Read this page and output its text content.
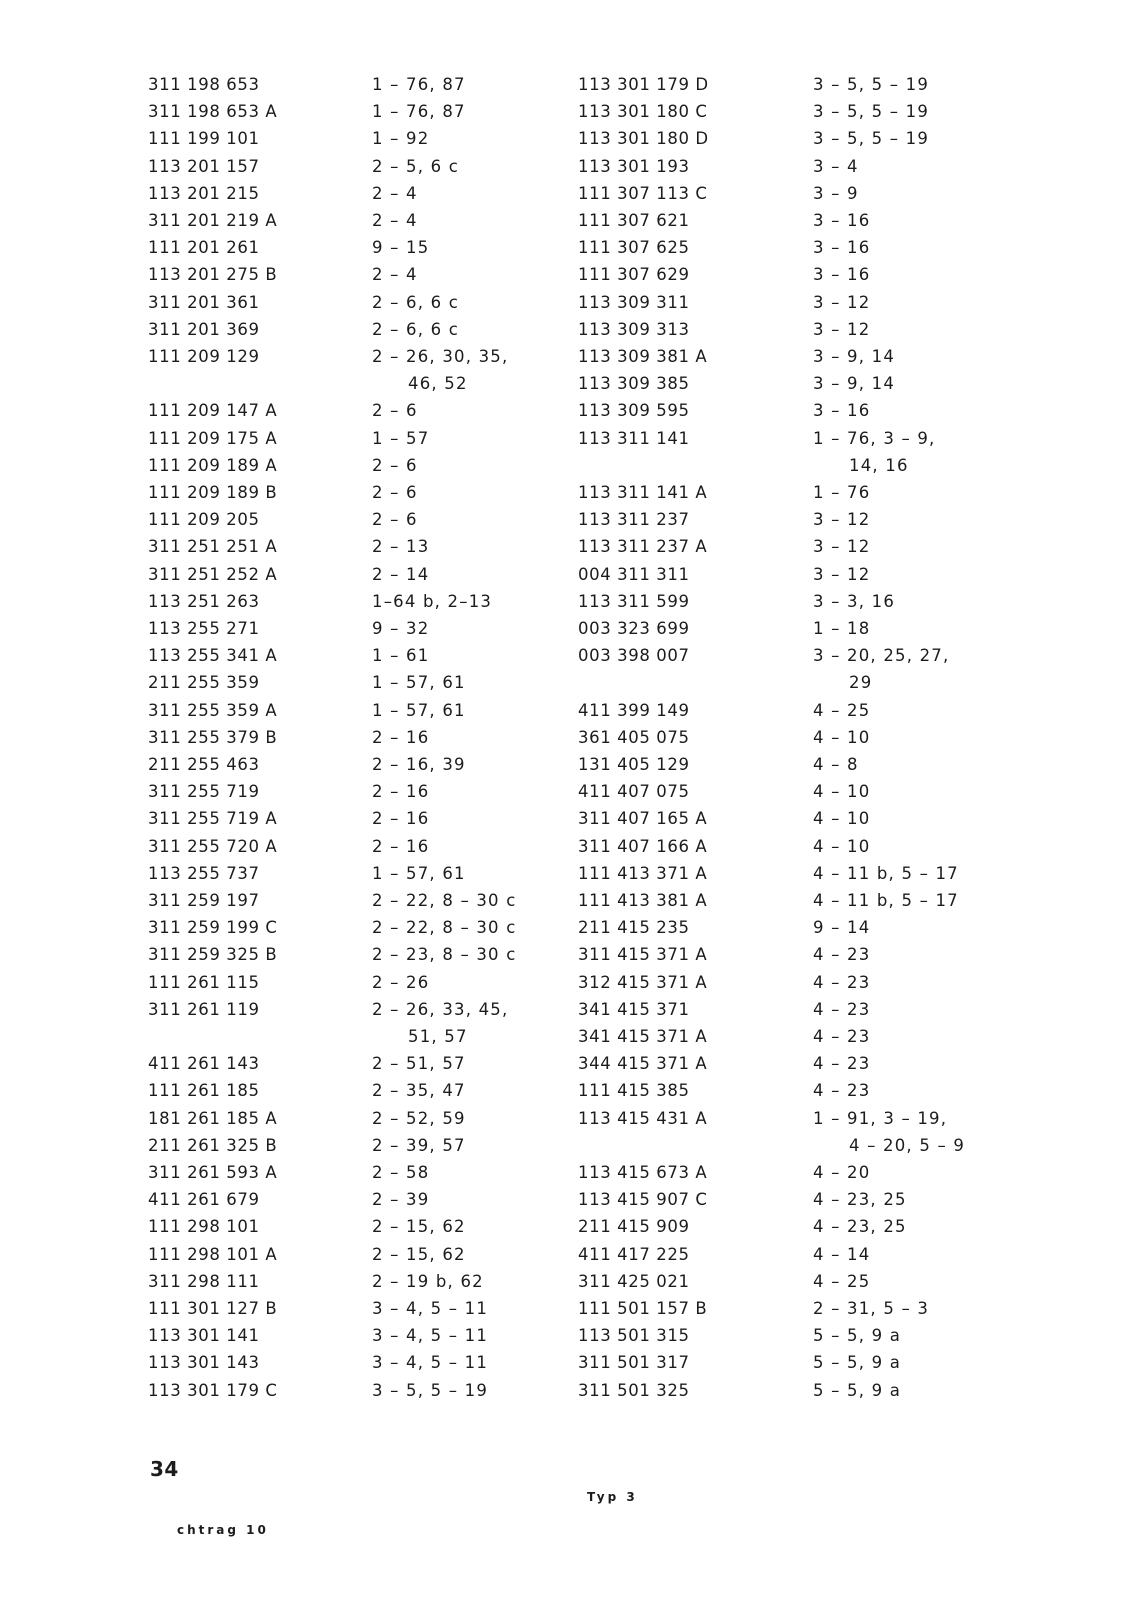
311 198 653
311 198 653 A
111 199 101
113 201 157
113 201 215
311 201 219 A
111 201 261
113 201 275 B
311 201 361
311 201 369
111 209 129
111 209 147 A
111 209 175 A
111 209 189 A
111 209 189 B
111 209 205
311 251 251 A
311 251 252 A
113 251 263
113 255 271
113 255 341 A
211 255 359
311 255 359 A
311 255 379 B
211 255 463
311 255 719
311 255 719 A
311 255 720 A
113 255 737
311 259 197
311 259 199 C
311 259 325 B
111 261 115
311 261 119
411 261 143
111 261 185
181 261 185 A
211 261 325 B
311 261 593 A
411 261 679
111 298 101
111 298 101 A
311 298 111
111 301 127 B
113 301 141
113 301 143
113 301 179 C
1 – 76, 87
1 – 76, 87
1 – 92
2 – 5, 6 c
2 – 4
2 – 4
9 – 15
2 – 4
2 – 6, 6 c
2 – 6, 6 c
2 – 26, 30, 35,
46, 52
2 – 6
1 – 57
2 – 6
2 – 6
2 – 6
2 – 13
2 – 14
1–64 b, 2–13
9 – 32
1 – 61
1 – 57, 61
1 – 57, 61
2 – 16
2 – 16, 39
2 – 16
2 – 16
2 – 16
1 – 57, 61
2 – 22, 8 – 30 c
2 – 22, 8 – 30 c
2 – 23, 8 – 30 c
2 – 26
2 – 26, 33, 45,
51, 57
2 – 51, 57
2 – 35, 47
2 – 52, 59
2 – 39, 57
2 – 58
2 – 39
2 – 15, 62
2 – 15, 62
2 – 19 b, 62
3 – 4, 5 – 11
3 – 4, 5 – 11
3 – 4, 5 – 11
3 – 5, 5 – 19
113 301 179 D
113 301 180 C
113 301 180 D
113 301 193
111 307 113 C
111 307 621
111 307 625
111 307 629
113 309 311
113 309 313
113 309 381 A
113 309 385
113 309 595
113 311 141
113 311 141 A
113 311 237
113 311 237 A
004 311 311
113 311 599
003 323 699
003 398 007
411 399 149
361 405 075
131 405 129
411 407 075
311 407 165 A
311 407 166 A
111 413 371 A
111 413 381 A
211 415 235
311 415 371 A
312 415 371 A
341 415 371
341 415 371 A
344 415 371 A
111 415 385
113 415 431 A
113 415 673 A
113 415 907 C
211 415 909
411 417 225
311 425 021
111 501 157 B
113 501 315
311 501 317
311 501 325
3 – 5, 5 – 19
3 – 5, 5 – 19
3 – 5, 5 – 19
3 – 4
3 – 9
3 – 16
3 – 16
3 – 16
3 – 12
3 – 12
3 – 9, 14
3 – 9, 14
3 – 16
1 – 76, 3 – 9,
14, 16
1 – 76
3 – 12
3 – 12
3 – 12
3 – 3, 16
1 – 18
3 – 20, 25, 27,
29
4 – 25
4 – 10
4 – 8
4 – 10
4 – 10
4 – 10
4 – 11 b, 5 – 17
4 – 11 b, 5 – 17
9 – 14
4 – 23
4 – 23
4 – 23
4 – 23
4 – 23
4 – 23
1 – 91, 3 – 19,
4 – 20, 5 – 9
4 – 20
4 – 23, 25
4 – 23, 25
4 – 14
4 – 25
2 – 31, 5 – 3
5 – 5, 9 a
5 – 5, 9 a
5 – 5, 9 a
34
Typ 3
chtrag 10
